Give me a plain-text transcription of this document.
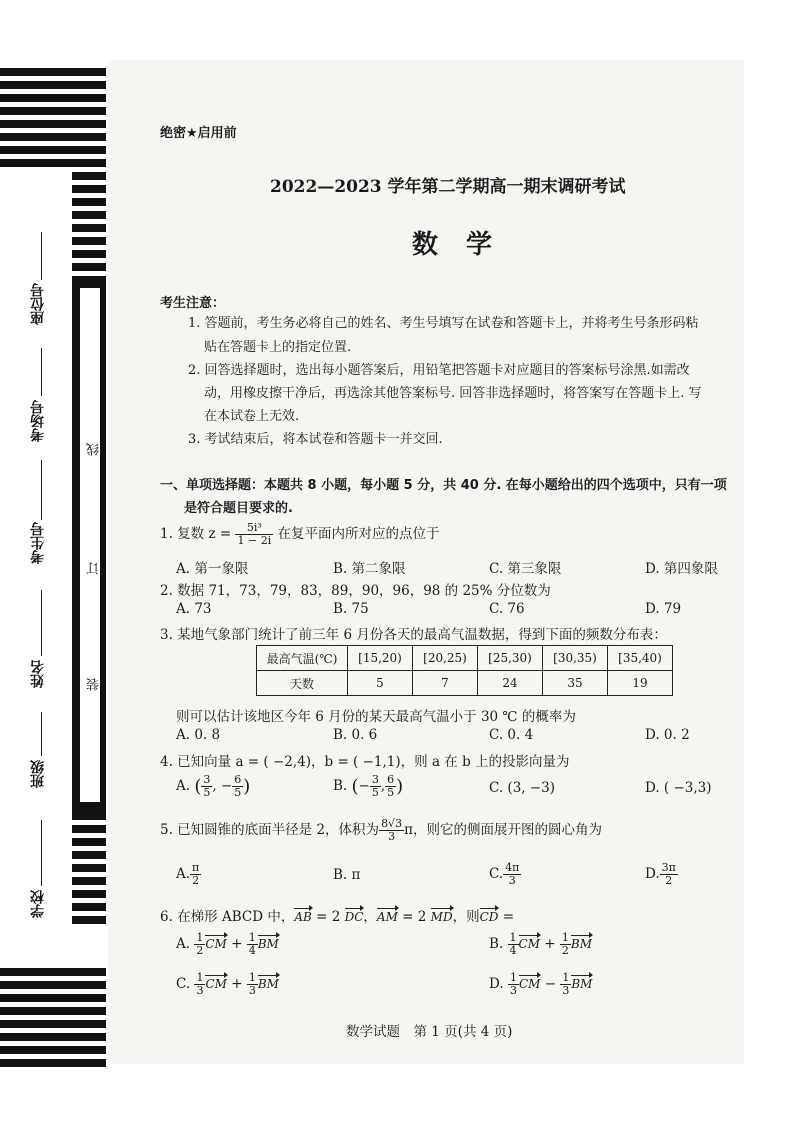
座位号
考场号
考生号
姓名
班级
学校
线
订
装
绝密★启用前
2022—2023 学年第二学期高一期末调研考试
数学
考生注意：
1. 答题前，考生务必将自己的姓名、考生号填写在试卷和答题卡上，并将考生号条形码粘
贴在答题卡上的指定位置.
2. 回答选择题时，选出每小题答案后，用铅笔把答题卡对应题目的答案标号涂黑.如需改
动，用橡皮擦干净后，再选涂其他答案标号. 回答非选择题时，将答案写在答题卡上. 写
在本试卷上无效.
3. 考试结束后，将本试卷和答题卡一并交回.
一、单项选择题：本题共 8 小题，每小题 5 分，共 40 分. 在每小题给出的四个选项中，只有一项
是符合题目要求的.
1. 复数 $z = \frac{\text{5i³}}{1 - 2i}$ 在复平面内所对应的点位于
A. 第一象限	B. 第二象限	C. 第三象限	D. 第四象限
2. 数据 71，73，79，83，89，90，96，98 的 25% 分位数为
A. 73	B. 75	C. 76	D. 79
3. 某地气象部门统计了前三年 6 月份各天的最高气温数据，得到下面的频数分布表：
最高气温(℃)	[15,20)	[20,25)	[25,30)	[30,35)	[35,40)
天数	5	7	24	35	19
则可以估计该地区今年 6 月份的某天最高气温小于 30 ℃ 的概率为
A. 0. 8	B. 0. 6	C. 0. 4	D. 0. 2
4. 已知向量 a = ( −2,4)，b = ( −1,1)，则 a 在 b 上的投影向量为
A. ( $\frac{3}{5}$ , − $\frac{6}{5}$ )	B. (− $\frac{3}{5}$ , $\frac{6}{5}$ )	C. (3, −3)	D. ( −3,3)
5. 已知圆锥的底面半径是 2，体积为 $\frac{8√3}{3}$ π，则它的侧面展开图的圆心角为
A. $\frac{\pi}{2}$	B. π	C. $\frac{4\pi}{3}$	D. $\frac{3\pi}{2}$
6. 在梯形 ABCD 中，AB = 2 DC，AM = 2 MD，则CD =
A. $\frac{1}{2}$ CM + $\frac{1}{4}$ BM	B. $\frac{1}{4}$ CM + $\frac{1}{2}$ BM
C. $\frac{1}{3}$ CM + $\frac{1}{3}$ BM	D. $\frac{1}{3}$ CM − $\frac{1}{3}$ BM
数学试题　第 1 页(共 4 页)
